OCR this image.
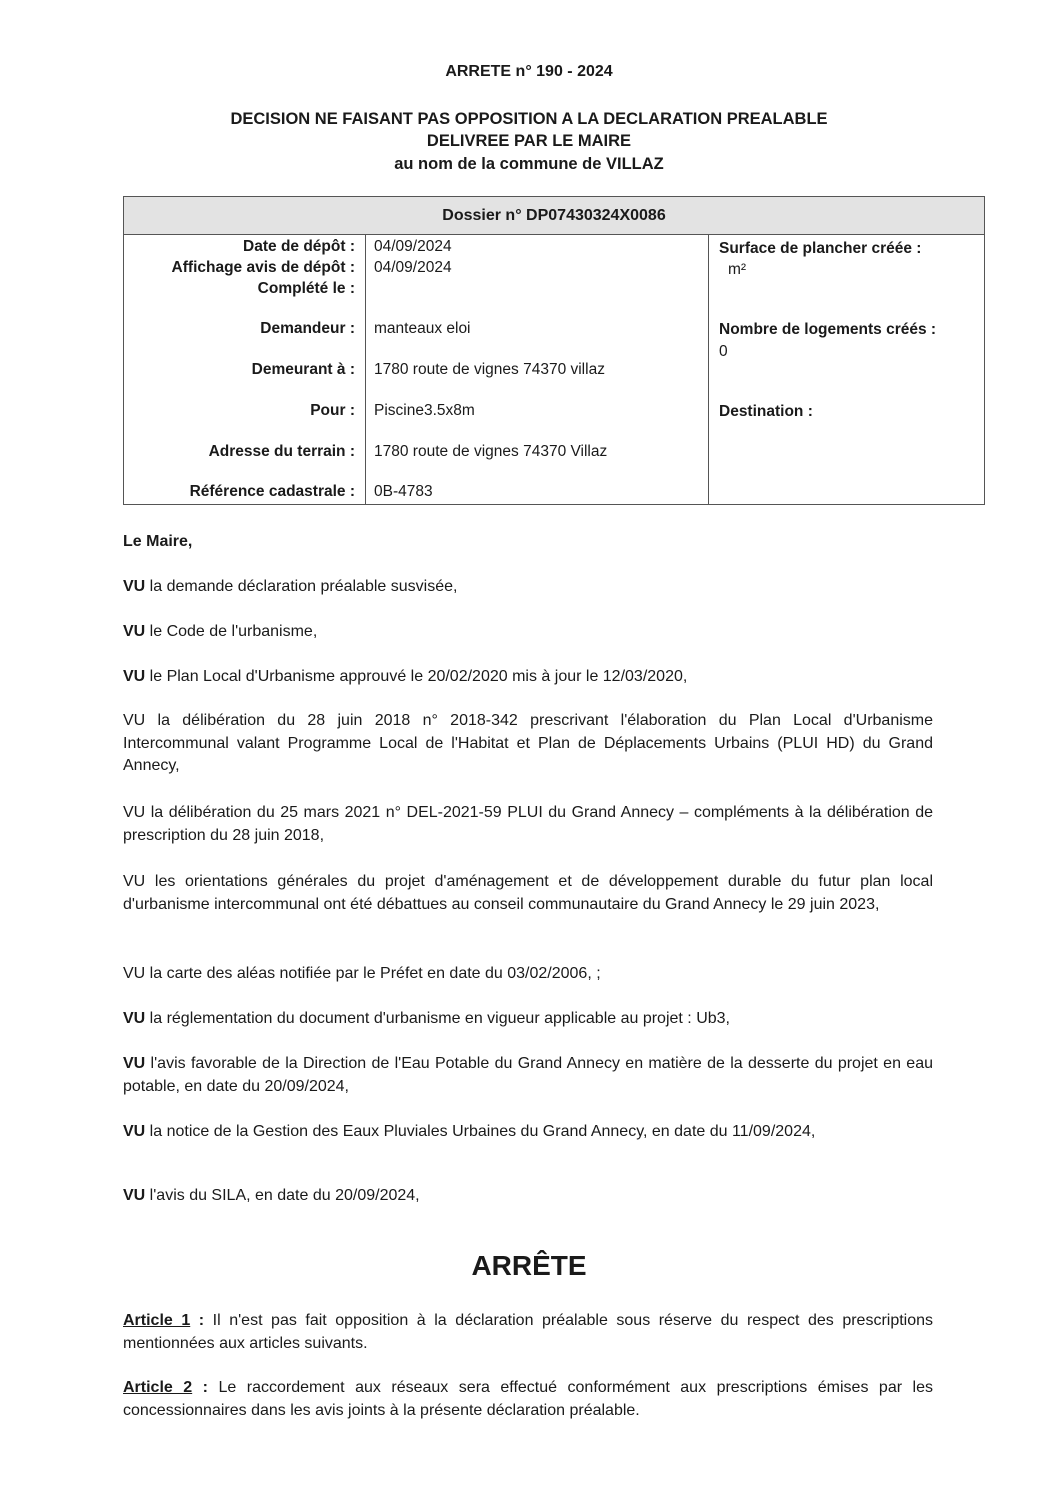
ARRETE n° 190 - 2024
DECISION NE FAISANT PAS OPPOSITION A LA DECLARATION PREALABLE
DELIVREE PAR LE MAIRE
au nom de la commune de VILLAZ
Dossier n° DP07430324X0086
Date de dépôt : 04/09/2024
Affichage avis de dépôt : 04/09/2024
Complété le :
Demandeur : manteaux eloi
Demeurant à : 1780 route de vignes 74370 villaz
Pour : Piscine3.5x8m
Adresse du terrain : 1780 route de vignes 74370 Villaz
Référence cadastrale : 0B-4783
Surface de plancher créée :
m²
Nombre de logements créés :
0
Destination :
Le Maire,
VU la demande déclaration préalable susvisée,
VU le Code de l'urbanisme,
VU le Plan Local d'Urbanisme approuvé le 20/02/2020 mis à jour le 12/03/2020,
VU la délibération du 28 juin 2018 n° 2018-342 prescrivant l'élaboration du Plan Local d'Urbanisme Intercommunal valant Programme Local de l'Habitat et Plan de Déplacements Urbains (PLUI HD) du Grand Annecy,
VU la délibération du 25 mars 2021 n° DEL-2021-59 PLUI du Grand Annecy – compléments à la délibération de prescription du 28 juin 2018,
VU les orientations générales du projet d'aménagement et de développement durable du futur plan local d'urbanisme intercommunal ont été débattues au conseil communautaire du Grand Annecy le 29 juin 2023,
VU la carte des aléas notifiée par le Préfet en date du 03/02/2006, ;
VU la réglementation du document d'urbanisme en vigueur applicable au projet : Ub3,
VU l'avis favorable de la Direction de l'Eau Potable du Grand Annecy en matière de la desserte du projet en eau potable, en date du 20/09/2024,
VU la notice de la Gestion des Eaux Pluviales Urbaines du Grand Annecy, en date du 11/09/2024,
VU l'avis du SILA, en date du 20/09/2024,
ARRÊTE
Article 1 : Il n'est pas fait opposition à la déclaration préalable sous réserve du respect des prescriptions mentionnées aux articles suivants.
Article 2 : Le raccordement aux réseaux sera effectué conformément aux prescriptions émises par les concessionnaires dans les avis joints à la présente déclaration préalable.
